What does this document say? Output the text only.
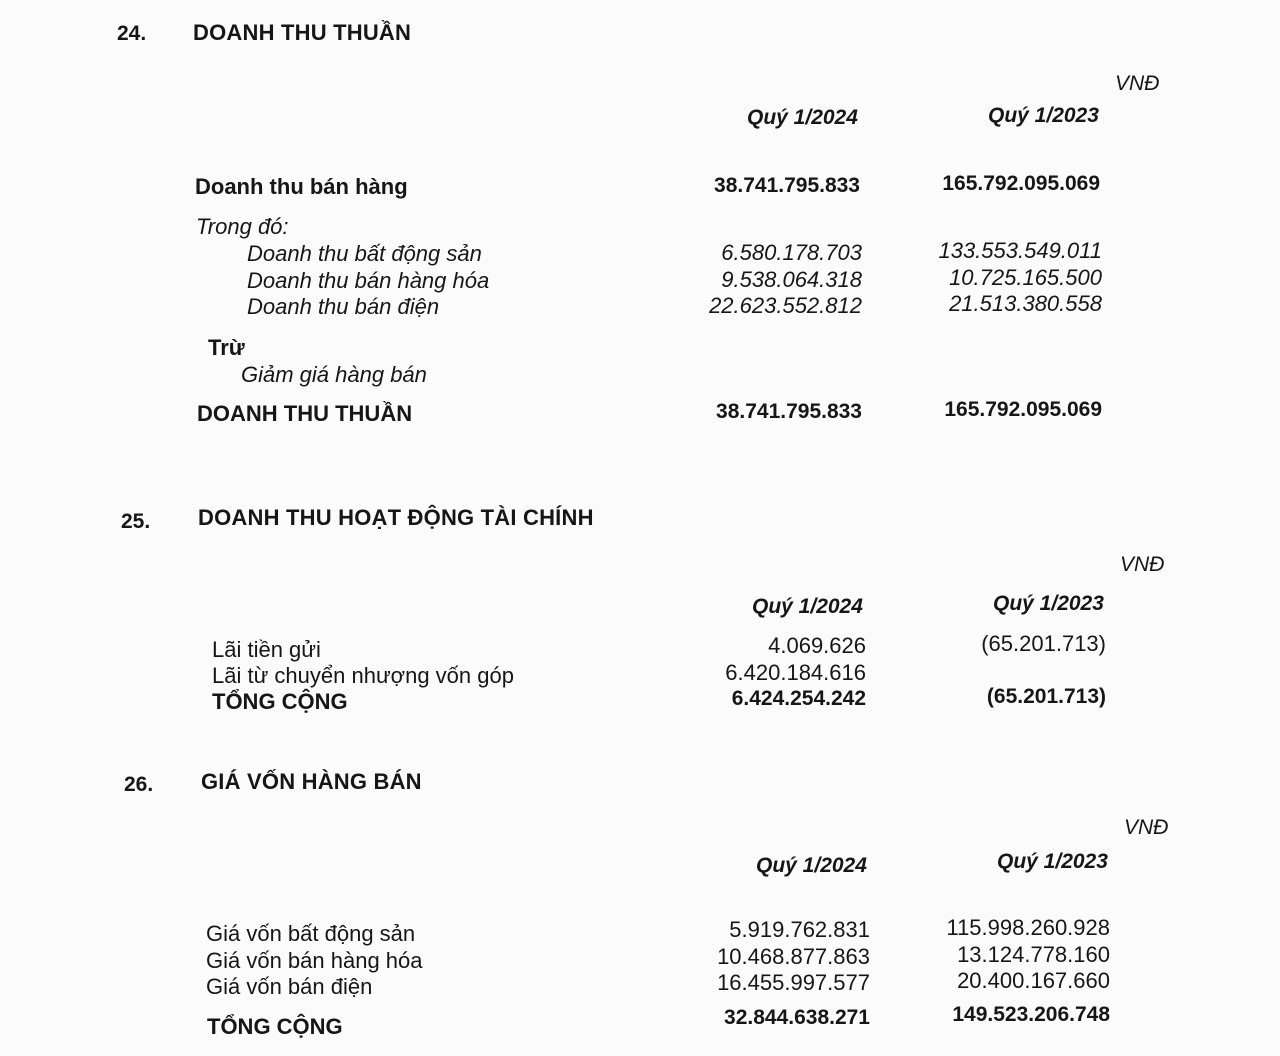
24. DOANH THU THUẦN
VNĐ
Quý 1/2024	Quý 1/2023
Doanh thu bán hàng	38.741.795.833	165.792.095.069
Trong đó:
Doanh thu bất động sản	6.580.178.703	133.553.549.011
Doanh thu bán hàng hóa	9.538.064.318	10.725.165.500
Doanh thu bán điện	22.623.552.812	21.513.380.558
Trừ
Giảm giá hàng bán
DOANH THU THUẦN	38.741.795.833	165.792.095.069
25. DOANH THU HOẠT ĐỘNG TÀI CHÍNH
VNĐ
Quý 1/2024	Quý 1/2023
Lãi tiền gửi	4.069.626	(65.201.713)
Lãi từ chuyển nhượng vốn góp	6.420.184.616
TỔNG CỘNG	6.424.254.242	(65.201.713)
26. GIÁ VỐN HÀNG BÁN
VNĐ
Quý 1/2024	Quý 1/2023
Giá vốn bất động sản	5.919.762.831	115.998.260.928
Giá vốn bán hàng hóa	10.468.877.863	13.124.778.160
Giá vốn bán điện	16.455.997.577	20.400.167.660
TỔNG CỘNG	32.844.638.271	149.523.206.748
